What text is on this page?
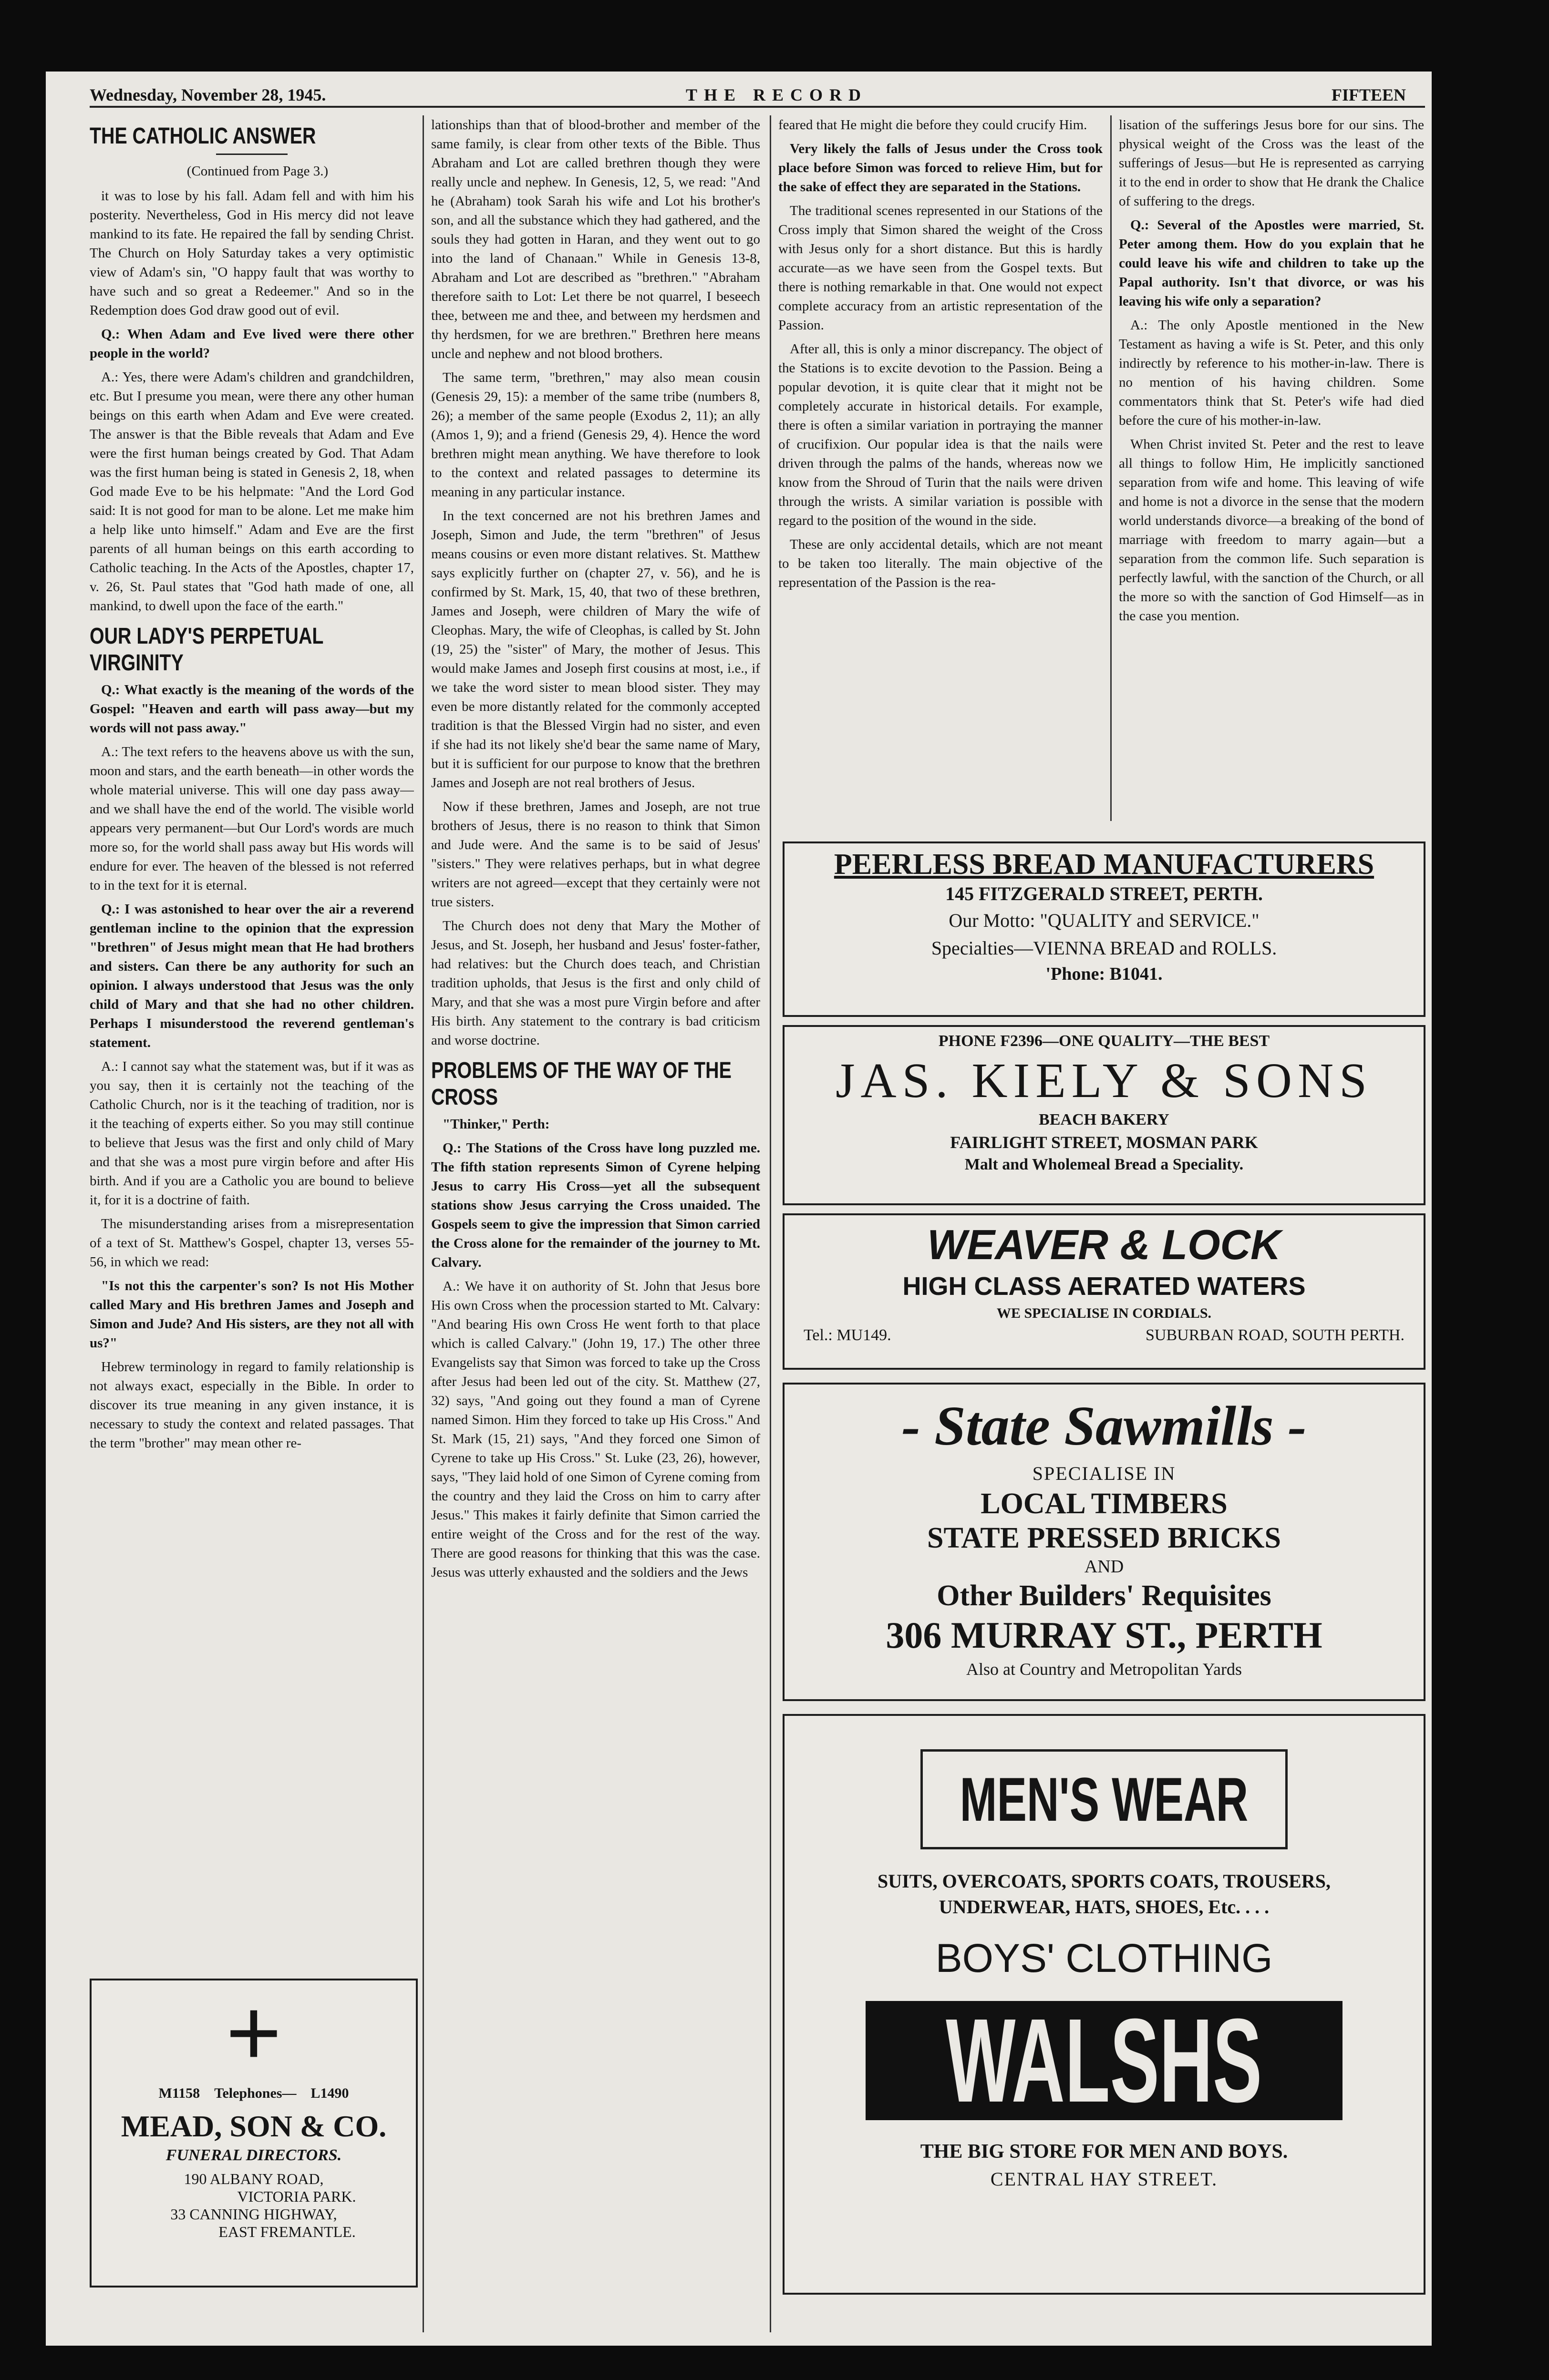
Wednesday, November 28, 1945.	THE RECORD	FIFTEEN
THE CATHOLIC ANSWER

(Continued from Page 3.)

it was to lose by his fall. Adam fell and with him his posterity. Nevertheless, God in His mercy did not leave mankind to its fate. He repaired the fall by sending Christ. The Church on Holy Saturday takes a very optimistic view of Adam's sin, "O happy fault that was worthy to have such and so great a Redeemer." And so in the Redemption does God draw good out of evil.

Q.: When Adam and Eve lived were there other people in the world?

A.: Yes, there were Adam's children and grandchildren, etc. But I presume you mean, were there any other human beings on this earth when Adam and Eve were created. The answer is that the Bible reveals that Adam and Eve were the first human beings created by God. That Adam was the first human being is stated in Genesis 2, 18, when God made Eve to be his helpmate: "And the Lord God said: It is not good for man to be alone. Let me make him a help like unto himself." Adam and Eve are the first parents of all human beings on this earth according to Catholic teaching. In the Acts of the Apostles, chapter 17, v. 26, St. Paul states that "God hath made of one, all mankind, to dwell upon the face of the earth."

OUR LADY'S PERPETUAL VIRGINITY

Q.: What exactly is the meaning of the words of the Gospel: "Heaven and earth will pass away—but my words will not pass away."

A.: The text refers to the heavens above us with the sun, moon and stars, and the earth beneath—in other words the whole material universe. This will one day pass away—and we shall have the end of the world. The visible world appears very permanent—but Our Lord's words are much more so, for the world shall pass away but His words will endure for ever. The heaven of the blessed is not referred to in the text for it is eternal.

Q.: I was astonished to hear over the air a reverend gentleman incline to the opinion that the expression "brethren" of Jesus might mean that He had brothers and sisters. Can there be any authority for such an opinion. I always understood that Jesus was the only child of Mary and that she had no other children. Perhaps I misunderstood the reverend gentleman's statement.

A.: I cannot say what the statement was, but if it was as you say, then it is certainly not the teaching of the Catholic Church, nor is it the teaching of tradition, nor is it the teaching of experts either. So you may still continue to believe that Jesus was the first and only child of Mary and that she was a most pure virgin before and after His birth. And if you are a Catholic you are bound to believe it, for it is a doctrine of faith.

The misunderstanding arises from a misrepresentation of a text of St. Matthew's Gospel, chapter 13, verses 55-56, in which we read:

"Is not this the carpenter's son? Is not His Mother called Mary and His brethren James and Joseph and Simon and Jude? And His sisters, are they not all with us?"

Hebrew terminology in regard to family relationship is not always exact, especially in the Bible. In order to discover its true meaning in any given instance, it is necessary to study the context and related passages. That the term "brother" may mean other re-

+
M1158 Telephones— L1490
MEAD, SON & CO.
FUNERAL DIRECTORS.
190 ALBANY ROAD,
VICTORIA PARK.
33 CANNING HIGHWAY,
EAST FREMANTLE.

lationships than that of blood-brother and member of the same family, is clear from other texts of the Bible. Thus Abraham and Lot are called brethren though they were really uncle and nephew. In Genesis, 12, 5, we read: "And he (Abraham) took Sarah his wife and Lot his brother's son, and all the substance which they had gathered, and the souls they had gotten in Haran, and they went out to go into the land of Chanaan." While in Genesis 13-8, Abraham and Lot are described as "brethren." "Abraham therefore saith to Lot: Let there be not quarrel, I beseech thee, between me and thee, and between my herdsmen and thy herdsmen, for we are brethren." Brethren here means uncle and nephew and not blood brothers.

The same term, "brethren," may also mean cousin (Genesis 29, 15): a member of the same tribe (numbers 8, 26); a member of the same people (Exodus 2, 11); an ally (Amos 1, 9); and a friend (Genesis 29, 4). Hence the word brethren might mean anything. We have therefore to look to the context and related passages to determine its meaning in any particular instance.

In the text concerned are not his brethren James and Joseph, Simon and Jude, the term "brethren" of Jesus means cousins or even more distant relatives. St. Matthew says explicitly further on (chapter 27, v. 56), and he is confirmed by St. Mark, 15, 40, that two of these brethren, James and Joseph, were children of Mary the wife of Cleophas. Mary, the wife of Cleophas, is called by St. John (19, 25) the "sister" of Mary, the mother of Jesus. This would make James and Joseph first cousins at most, i.e., if we take the word sister to mean blood sister. They may even be more distantly related for the commonly accepted tradition is that the Blessed Virgin had no sister, and even if she had its not likely she'd bear the same name of Mary, but it is sufficient for our purpose to know that the brethren James and Joseph are not real brothers of Jesus.

Now if these brethren, James and Joseph, are not true brothers of Jesus, there is no reason to think that Simon and Jude were. And the same is to be said of Jesus' "sisters." They were relatives perhaps, but in what degree writers are not agreed—except that they certainly were not true sisters.

The Church does not deny that Mary the Mother of Jesus, and St. Joseph, her husband and Jesus' foster-father, had relatives: but the Church does teach, and Christian tradition upholds, that Jesus is the first and only child of Mary, and that she was a most pure Virgin before and after His birth. Any statement to the contrary is bad criticism and worse doctrine.

PROBLEMS OF THE WAY OF THE CROSS

"Thinker," Perth:

Q.: The Stations of the Cross have long puzzled me. The fifth station represents Simon of Cyrene helping Jesus to carry His Cross—yet all the subsequent stations show Jesus carrying the Cross unaided. The Gospels seem to give the impression that Simon carried the Cross alone for the remainder of the journey to Mt. Calvary.

A.: We have it on authority of St. John that Jesus bore His own Cross when the procession started to Mt. Calvary: "And bearing His own Cross He went forth to that place which is called Calvary." (John 19, 17.) The other three Evangelists say that Simon was forced to take up the Cross after Jesus had been led out of the city. St. Matthew (27, 32) says, "And going out they found a man of Cyrene named Simon. Him they forced to take up His Cross." And St. Mark (15, 21) says, "And they forced one Simon of Cyrene to take up His Cross." St. Luke (23, 26), however, says, "They laid hold of one Simon of Cyrene coming from the country and they laid the Cross on him to carry after Jesus." This makes it fairly definite that Simon carried the entire weight of the Cross and for the rest of the way. There are good reasons for thinking that this was the case. Jesus was utterly exhausted and the soldiers and the Jews

feared that He might die before they could crucify Him.

Very likely the falls of Jesus under the Cross took place before Simon was forced to relieve Him, but for the sake of effect they are separated in the Stations.

The traditional scenes represented in our Stations of the Cross imply that Simon shared the weight of the Cross with Jesus only for a short distance. But this is hardly accurate—as we have seen from the Gospel texts. But there is nothing remarkable in that. One would not expect complete accuracy from an artistic representation of the Passion.

After all, this is only a minor discrepancy. The object of the Stations is to excite devotion to the Passion. Being a popular devotion, it is quite clear that it might not be completely accurate in historical details. For example, there is often a similar variation in portraying the manner of crucifixion. Our popular idea is that the nails were driven through the palms of the hands, whereas now we know from the Shroud of Turin that the nails were driven through the wrists. A similar variation is possible with regard to the position of the wound in the side.

These are only accidental details, which are not meant to be taken too literally. The main objective of the representation of the Passion is the rea-

lisation of the sufferings Jesus bore for our sins. The physical weight of the Cross was the least of the sufferings of Jesus—but He is represented as carrying it to the end in order to show that He drank the Chalice of suffering to the dregs.

Q.: Several of the Apostles were married, St. Peter among them. How do you explain that he could leave his wife and children to take up the Papal authority. Isn't that divorce, or was his leaving his wife only a separation?

A.: The only Apostle mentioned in the New Testament as having a wife is St. Peter, and this only indirectly by reference to his mother-in-law. There is no mention of his having children. Some commentators think that St. Peter's wife had died before the cure of his mother-in-law.

When Christ invited St. Peter and the rest to leave all things to follow Him, He implicitly sanctioned separation from wife and home. This leaving of wife and home is not a divorce in the sense that the modern world understands divorce—a breaking of the bond of marriage with freedom to marry again—but a separation from the common life. Such separation is perfectly lawful, with the sanction of the Church, or all the more so with the sanction of God Himself—as in the case you mention.

PEERLESS BREAD MANUFACTURERS
145 FITZGERALD STREET, PERTH.
Our Motto: "QUALITY and SERVICE."
Specialties—VIENNA BREAD and ROLLS.
'Phone: B1041.
PHONE F2396—ONE QUALITY—THE BEST
JAS. KIELY & SONS
BEACH BAKERY
FAIRLIGHT STREET, MOSMAN PARK
Malt and Wholemeal Bread a Speciality.
WEAVER & LOCK
HIGH CLASS AERATED WATERS
WE SPECIALISE IN CORDIALS.
Tel.: MU149.	SUBURBAN ROAD, SOUTH PERTH.
- State Sawmills -
SPECIALISE IN
LOCAL TIMBERS
STATE PRESSED BRICKS
AND
Other Builders' Requisites
306 MURRAY ST., PERTH
Also at Country and Metropolitan Yards
MEN'S WEAR
SUITS, OVERCOATS, SPORTS COATS, TROUSERS,
UNDERWEAR, HATS, SHOES, Etc. . . .
BOYS' CLOTHING
WALSHS
THE BIG STORE FOR MEN AND BOYS.
CENTRAL HAY STREET.
